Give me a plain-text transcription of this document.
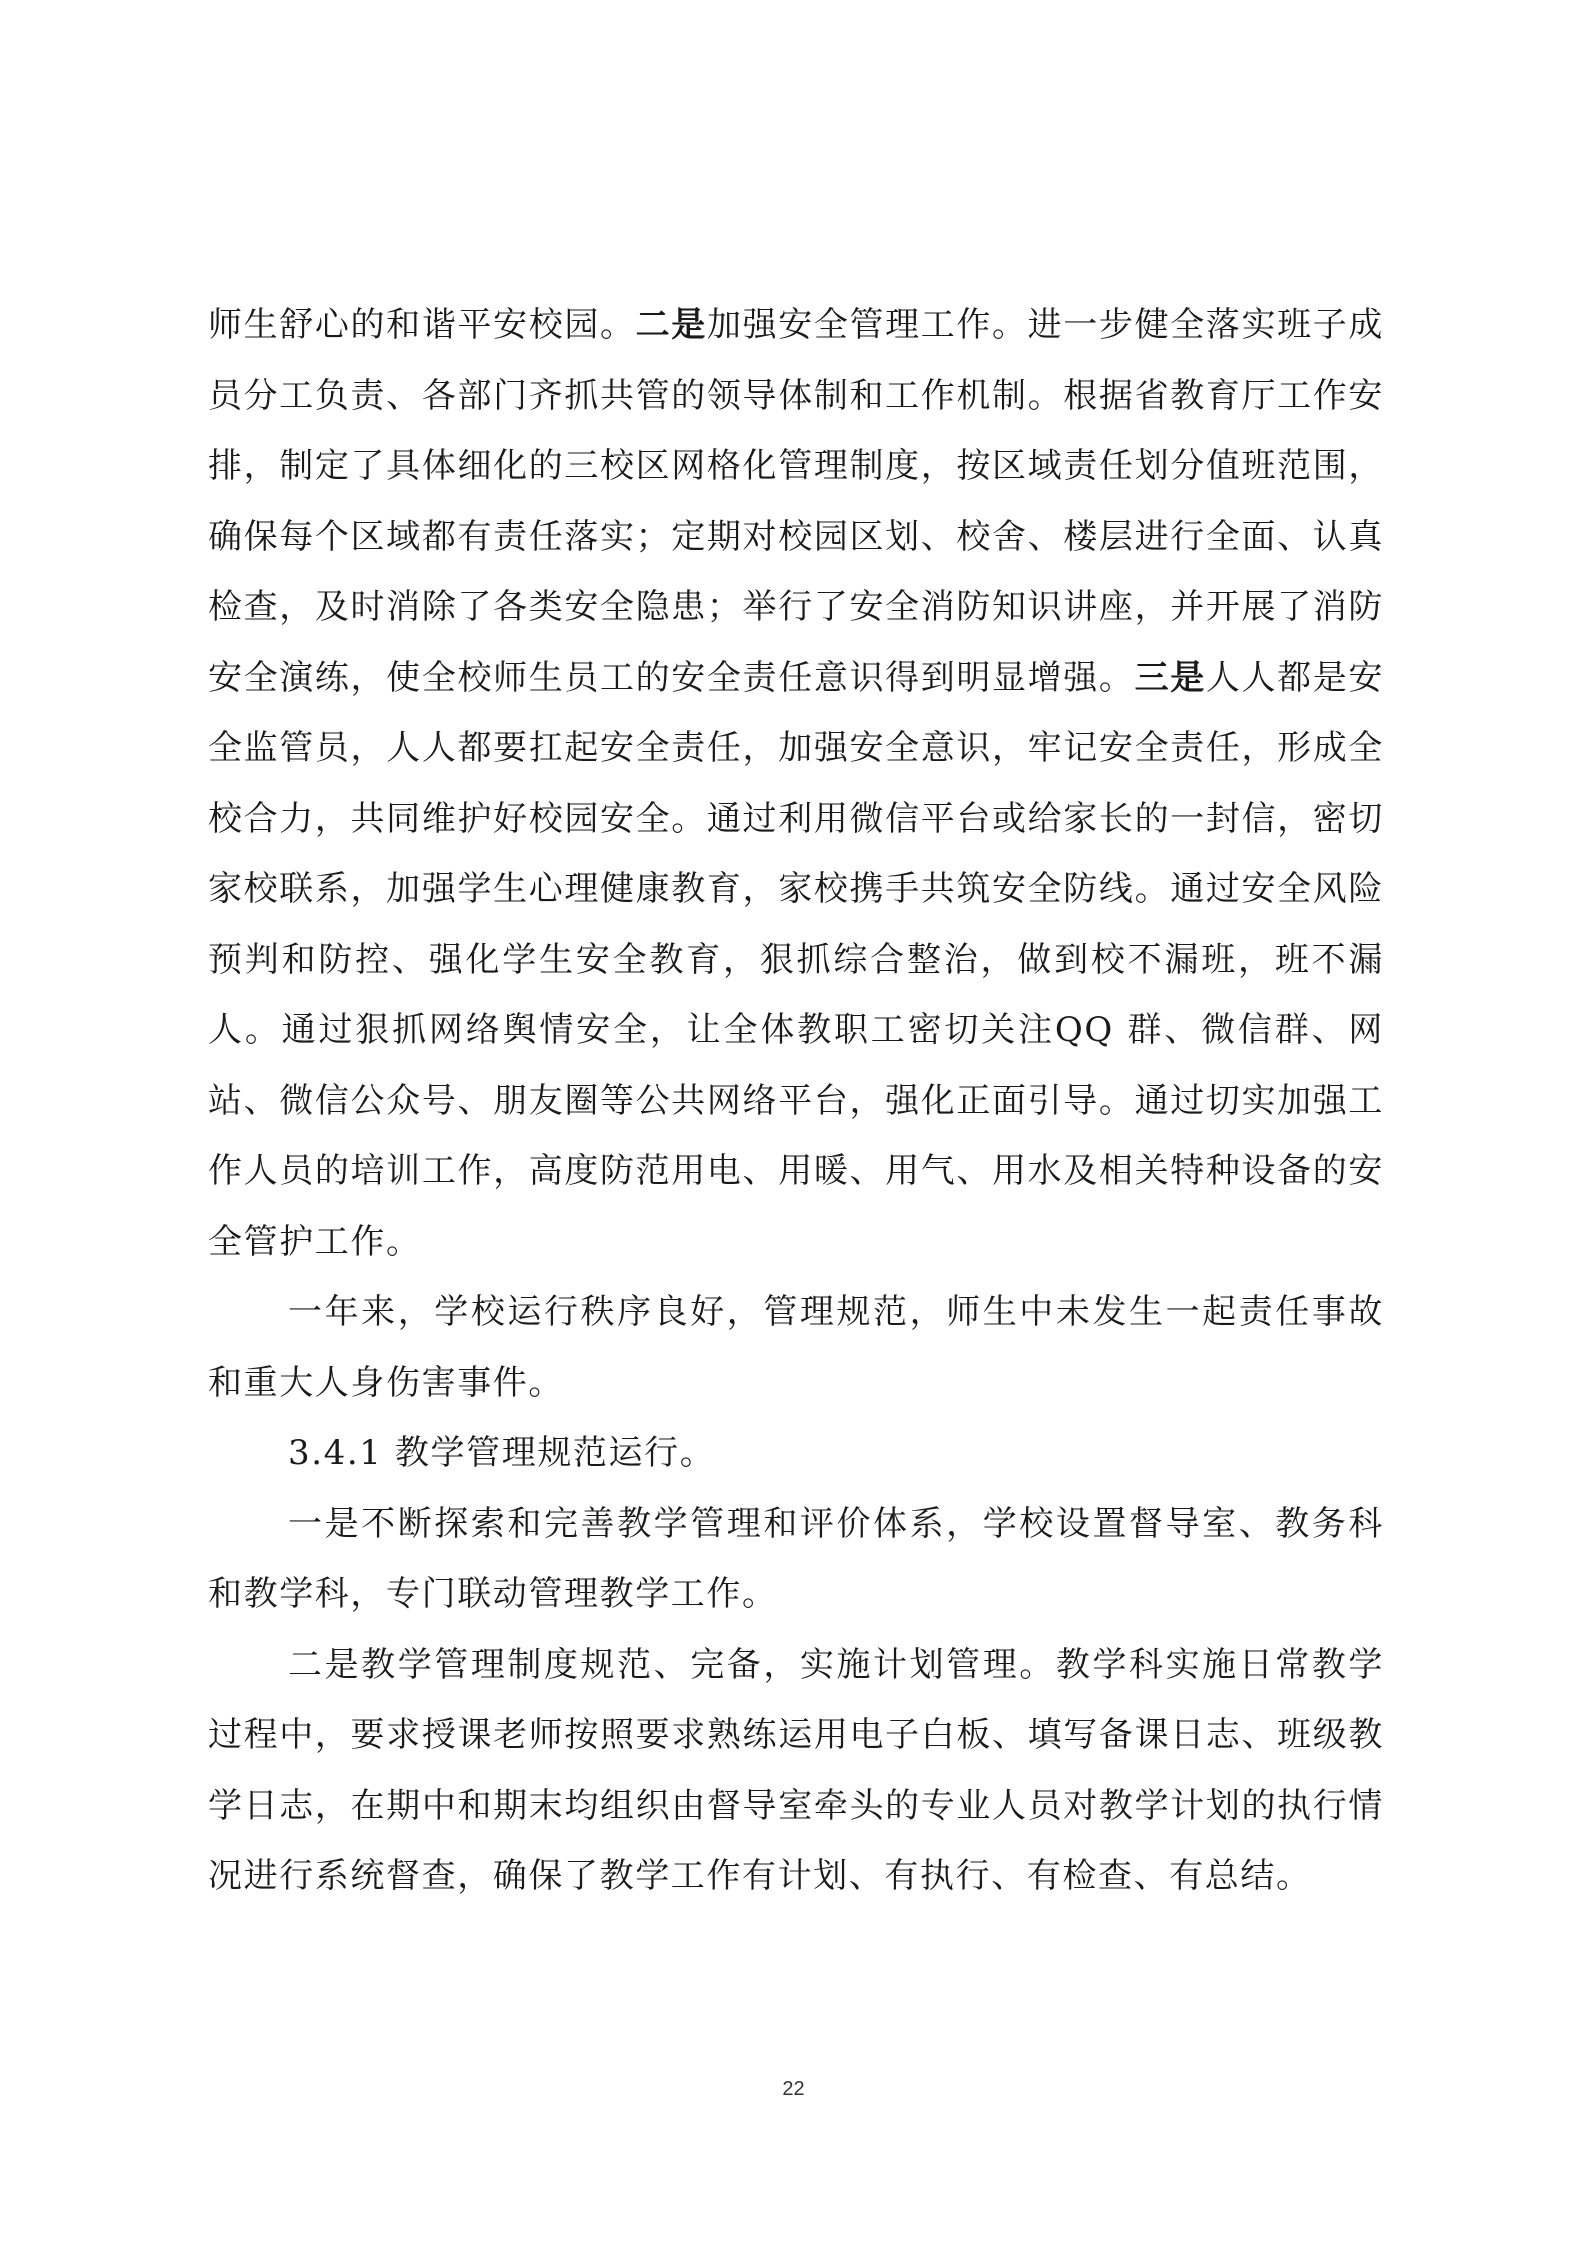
师生舒心的和谐平安校园。二是加强安全管理工作。进一步健全落实班子成员分工负责、各部门齐抓共管的领导体制和工作机制。根据省教育厅工作安排，制定了具体细化的三校区网格化管理制度，按区域责任划分值班范围，确保每个区域都有责任落实；定期对校园区划、校舍、楼层进行全面、认真检查，及时消除了各类安全隐患；举行了安全消防知识讲座，并开展了消防安全演练，使全校师生员工的安全责任意识得到明显增强。三是人人都是安全监管员，人人都要扛起安全责任，加强安全意识，牢记安全责任，形成全校合力，共同维护好校园安全。通过利用微信平台或给家长的一封信，密切家校联系，加强学生心理健康教育，家校携手共筑安全防线。通过安全风险预判和防控、强化学生安全教育，狠抓综合整治，做到校不漏班，班不漏人。通过狠抓网络舆情安全，让全体教职工密切关注QQ 群、微信群、网站、微信公众号、朋友圈等公共网络平台，强化正面引导。通过切实加强工作人员的培训工作，高度防范用电、用暖、用气、用水及相关特种设备的安全管护工作。

一年来，学校运行秩序良好，管理规范，师生中未发生一起责任事故和重大人身伤害事件。

3.4.1 教学管理规范运行。

一是不断探索和完善教学管理和评价体系，学校设置督导室、教务科和教学科，专门联动管理教学工作。

二是教学管理制度规范、完备，实施计划管理。教学科实施日常教学过程中，要求授课老师按照要求熟练运用电子白板、填写备课日志、班级教学日志，在期中和期末均组织由督导室牵头的专业人员对教学计划的执行情况进行系统督查，确保了教学工作有计划、有执行、有检查、有总结。

22
